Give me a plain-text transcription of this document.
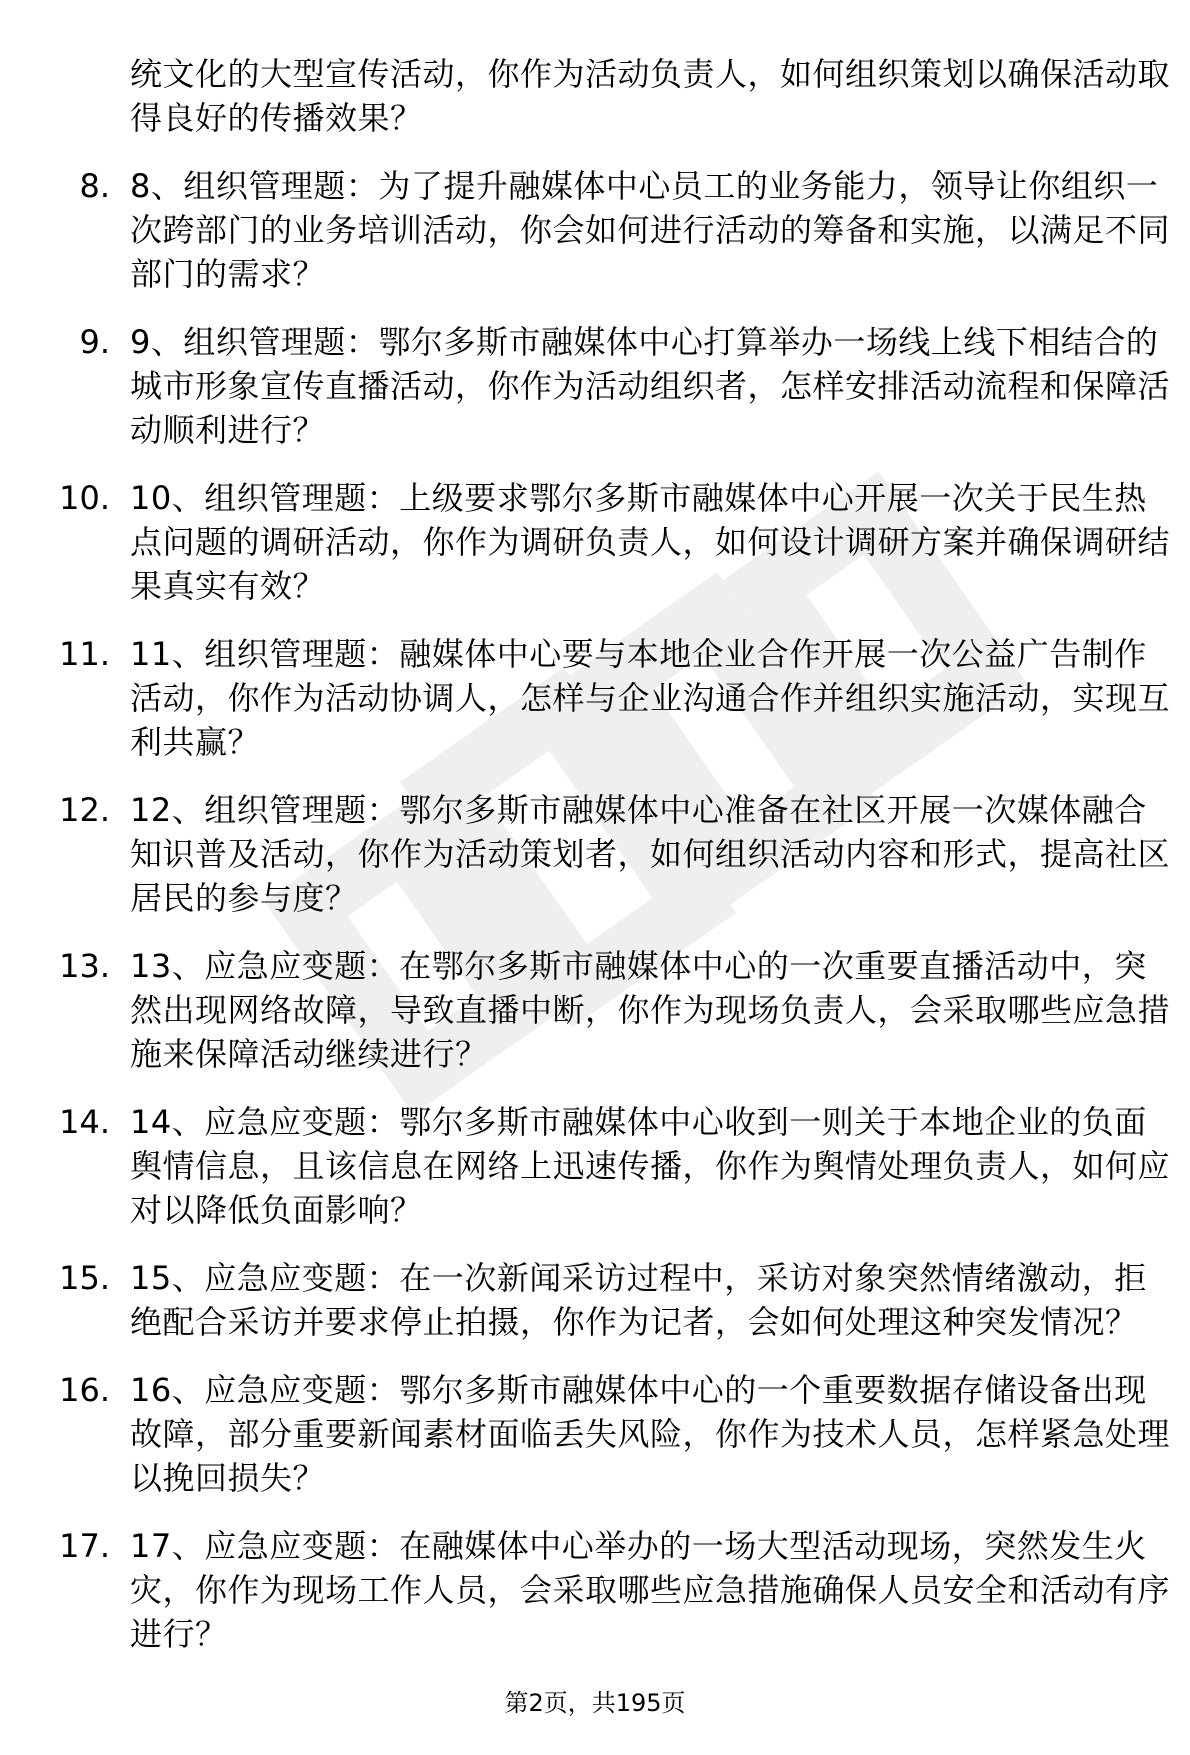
统文化的大型宣传活动，你作为活动负责人，如何组织策划以确保活动取得良好的传播效果？
8. 8、组织管理题：为了提升融媒体中心员工的业务能力，领导让你组织一次跨部门的业务培训活动，你会如何进行活动的筹备和实施，以满足不同部门的需求？
9. 9、组织管理题：鄂尔多斯市融媒体中心打算举办一场线上线下相结合的城市形象宣传直播活动，你作为活动组织者，怎样安排活动流程和保障活动顺利进行？
10. 10、组织管理题：上级要求鄂尔多斯市融媒体中心开展一次关于民生热点问题的调研活动，你作为调研负责人，如何设计调研方案并确保调研结果真实有效？
11. 11、组织管理题：融媒体中心要与本地企业合作开展一次公益广告制作活动，你作为活动协调人，怎样与企业沟通合作并组织实施活动，实现互利共赢？
12. 12、组织管理题：鄂尔多斯市融媒体中心准备在社区开展一次媒体融合知识普及活动，你作为活动策划者，如何组织活动内容和形式，提高社区居民的参与度？
13. 13、应急应变题：在鄂尔多斯市融媒体中心的一次重要直播活动中，突然出现网络故障，导致直播中断，你作为现场负责人，会采取哪些应急措施来保障活动继续进行？
14. 14、应急应变题：鄂尔多斯市融媒体中心收到一则关于本地企业的负面舆情信息，且该信息在网络上迅速传播，你作为舆情处理负责人，如何应对以降低负面影响？
15. 15、应急应变题：在一次新闻采访过程中，采访对象突然情绪激动，拒绝配合采访并要求停止拍摄，你作为记者，会如何处理这种突发情况？
16. 16、应急应变题：鄂尔多斯市融媒体中心的一个重要数据存储设备出现故障，部分重要新闻素材面临丢失风险，你作为技术人员，怎样紧急处理以挽回损失？
17. 17、应急应变题：在融媒体中心举办的一场大型活动现场，突然发生火灾，你作为现场工作人员，会采取哪些应急措施确保人员安全和活动有序进行？
第2页，共195页
